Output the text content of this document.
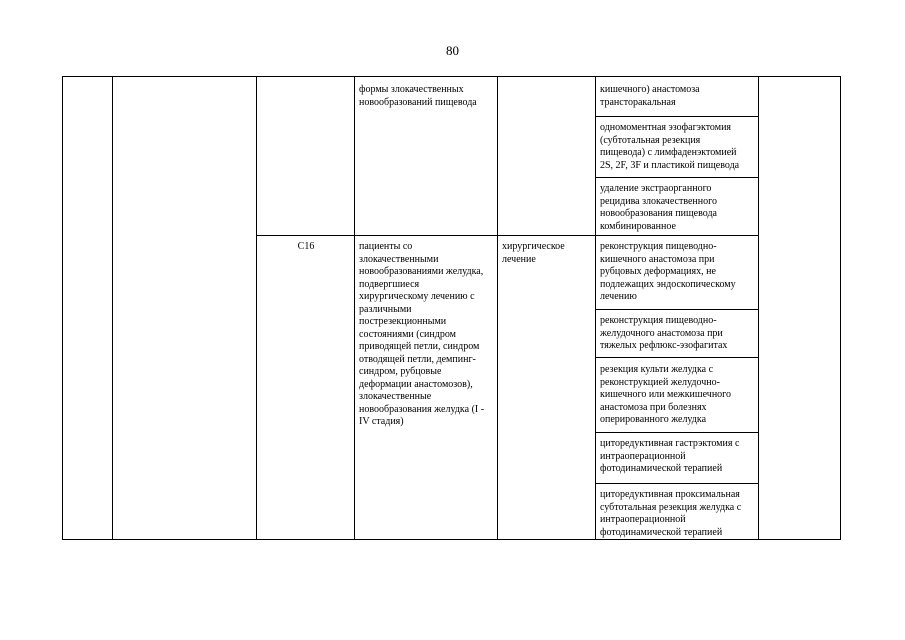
80
формы злокачественных
новообразований пищевода
кишечного) анастомоза
трансторакальная
одномоментная эзофагэктомия
(субтотальная резекция
пищевода) с лимфаденэктомией
2S, 2F, 3F и пластикой пищевода
удаление экстраорганного
рецидива злокачественного
новообразования пищевода
комбинированное
C16	пациенты со
злокачественными
новообразованиями желудка,
подвергшиеся
хирургическому лечению с
различными
пострезекционными
состояниями (синдром
приводящей петли, синдром
отводящей петли, демпинг-
синдром, рубцовые
деформации анастомозов),
злокачественные
новообразования желудка (I -
IV стадия)
хирургическое
лечение
реконструкция пищеводно-
кишечного анастомоза при
рубцовых деформациях, не
подлежащих эндоскопическому
лечению
реконструкция пищеводно-
желудочного анастомоза при
тяжелых рефлюкс-эзофагитах
резекция культи желудка с
реконструкцией желудочно-
кишечного или межкишечного
анастомоза при болезнях
оперированного желудка
циторедуктивная гастрэктомия с
интраоперационной
фотодинамической терапией
циторедуктивная проксимальная
субтотальная резекция желудка с
интраоперационной
фотодинамической терапией
